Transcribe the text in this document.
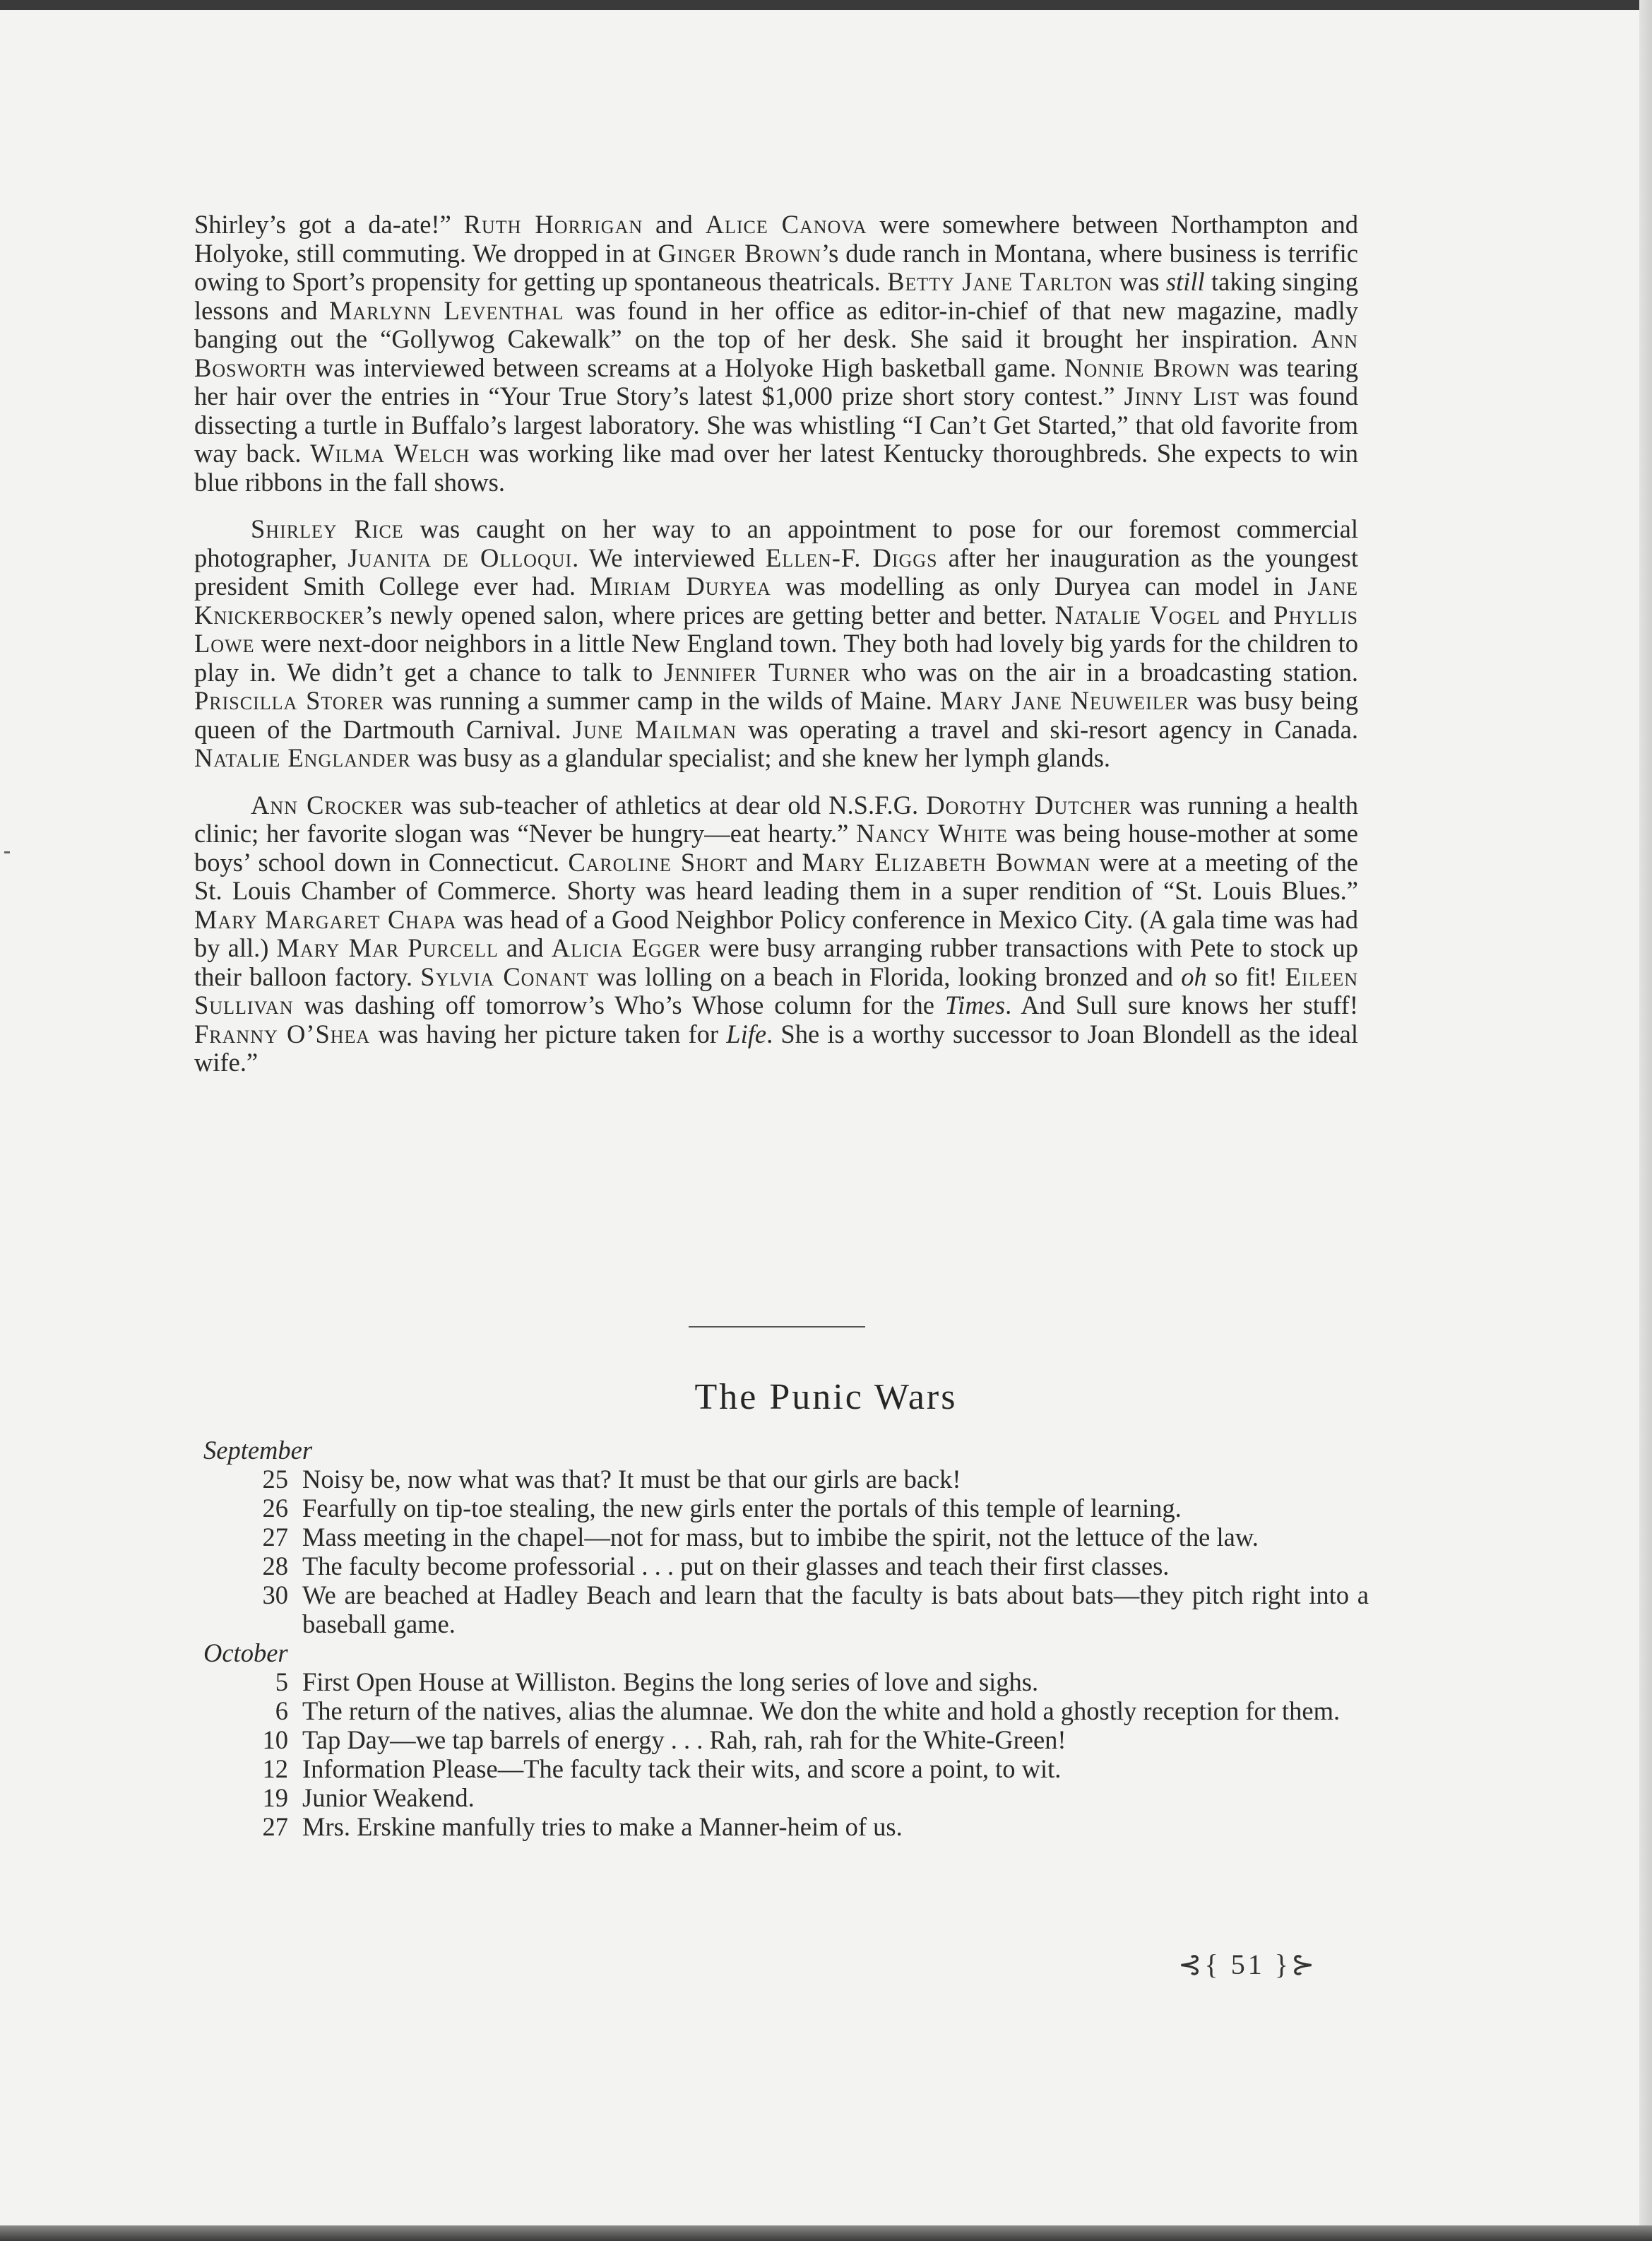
Shirley’s got a da-ate!” Ruth Horrigan and Alice Canova were somewhere between Northampton and Holyoke, still commuting. We dropped in at Ginger Brown’s dude ranch in Montana, where business is terrific owing to Sport’s propensity for getting up spontaneous theatricals. Betty Jane Tarlton was still taking singing lessons and Marlynn Leventhal was found in her office as editor-in-chief of that new magazine, madly banging out the “Gollywog Cakewalk” on the top of her desk. She said it brought her inspiration. Ann Bosworth was interviewed between screams at a Holyoke High basketball game. Nonnie Brown was tearing her hair over the entries in “Your True Story’s latest $1,000 prize short story contest.” Jinny List was found dissecting a turtle in Buffalo’s largest laboratory. She was whistling “I Can’t Get Started,” that old favorite from way back. Wilma Welch was working like mad over her latest Kentucky thoroughbreds. She expects to win blue ribbons in the fall shows.

Shirley Rice was caught on her way to an appointment to pose for our foremost commercial photographer, Juanita de Olloqui. We interviewed Ellen-F. Diggs after her inauguration as the youngest president Smith College ever had. Miriam Duryea was modelling as only Duryea can model in Jane Knickerbocker’s newly opened salon, where prices are getting better and better. Natalie Vogel and Phyllis Lowe were next-door neighbors in a little New England town. They both had lovely big yards for the children to play in. We didn’t get a chance to talk to Jennifer Turner who was on the air in a broadcasting station. Priscilla Storer was running a summer camp in the wilds of Maine. Mary Jane Neuweiler was busy being queen of the Dartmouth Carnival. June Mailman was operating a travel and ski-resort agency in Canada. Natalie Englander was busy as a glandular specialist; and she knew her lymph glands.

Ann Crocker was sub-teacher of athletics at dear old N.S.F.G. Dorothy Dutcher was running a health clinic; her favorite slogan was “Never be hungry—eat hearty.” Nancy White was being house-mother at some boys’ school down in Connecticut. Caroline Short and Mary Elizabeth Bowman were at a meeting of the St. Louis Chamber of Commerce. Shorty was heard leading them in a super rendition of “St. Louis Blues.” Mary Margaret Chapa was head of a Good Neighbor Policy conference in Mexico City. (A gala time was had by all.) Mary Mar Purcell and Alicia Egger were busy arranging rubber transactions with Pete to stock up their balloon factory. Sylvia Conant was lolling on a beach in Florida, looking bronzed and oh so fit! Eileen Sullivan was dashing off tomorrow’s Who’s Whose column for the Times. And Sull sure knows her stuff! Franny O’Shea was having her picture taken for Life. She is a worthy successor to Joan Blondell as the ideal wife.”

The Punic Wars

September

25 Noisy be, now what was that? It must be that our girls are back!
26 Fearfully on tip-toe stealing, the new girls enter the portals of this temple of learning.
27 Mass meeting in the chapel—not for mass, but to imbibe the spirit, not the lettuce of the law.
28 The faculty become professorial . . . put on their glasses and teach their first classes.
30 We are beached at Hadley Beach and learn that the faculty is bats about bats—they pitch right into a baseball game.

October

5 First Open House at Williston. Begins the long series of love and sighs.
6 The return of the natives, alias the alumnae. We don the white and hold a ghostly reception for them.
10 Tap Day—we tap barrels of energy . . . Rah, rah, rah for the White-Green!
12 Information Please—The faculty tack their wits, and score a point, to wit.
19 Junior Weakend.
27 Mrs. Erskine manfully tries to make a Manner-heim of us.
⊰{ 51 }⊱
